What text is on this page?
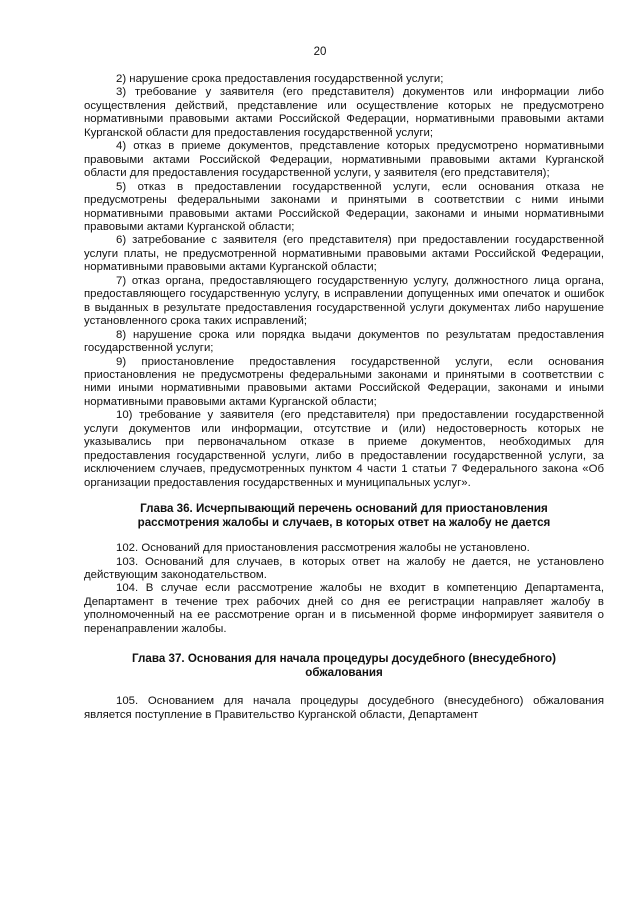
20

2) нарушение срока предоставления государственной услуги;

3) требование у заявителя (его представителя) документов или информации либо осуществления действий, представление или осуществление которых не предусмотрено нормативными правовыми актами Российской Федерации, нормативными правовыми актами Курганской области для предоставления государственной услуги;

4) отказ в приеме документов, представление которых предусмотрено нормативными правовыми актами Российской Федерации, нормативными правовыми актами Курганской области для предоставления государственной услуги, у заявителя (его представителя);

5) отказ в предоставлении государственной услуги, если основания отказа не предусмотрены федеральными законами и принятыми в соответствии с ними иными нормативными правовыми актами Российской Федерации, законами и иными нормативными правовыми актами Курганской области;

6) затребование с заявителя (его представителя) при предоставлении государственной услуги платы, не предусмотренной нормативными правовыми актами Российской Федерации, нормативными правовыми актами Курганской области;

7) отказ органа, предоставляющего государственную услугу, должностного лица органа, предоставляющего государственную услугу, в исправлении допущенных ими опечаток и ошибок в выданных в результате предоставления государственной услуги документах либо нарушение установленного срока таких исправлений;

8) нарушение срока или порядка выдачи документов по результатам предоставления государственной услуги;

9) приостановление предоставления государственной услуги, если основания приостановления не предусмотрены федеральными законами и принятыми в соответствии с ними иными нормативными правовыми актами Российской Федерации, законами и иными нормативными правовыми актами Курганской области;

10) требование у заявителя (его представителя) при предоставлении государственной услуги документов или информации, отсутствие и (или) недостоверность которых не указывались при первоначальном отказе в приеме документов, необходимых для предоставления государственной услуги, либо в предоставлении государственной услуги, за исключением случаев, предусмотренных пунктом 4 части 1 статьи 7 Федерального закона «Об организации предоставления государственных и муниципальных услуг».

Глава 36. Исчерпывающий перечень оснований для приостановления
рассмотрения жалобы и случаев, в которых ответ на жалобу не дается

102. Оснований для приостановления рассмотрения жалобы не установлено.

103. Оснований для случаев, в которых ответ на жалобу не дается, не установлено действующим законодательством.

104. В случае если рассмотрение жалобы не входит в компетенцию Департамента, Департамент в течение трех рабочих дней со дня ее регистрации направляет жалобу в уполномоченный на ее рассмотрение орган и в письменной форме информирует заявителя о перенаправлении жалобы.

Глава 37. Основания для начала процедуры досудебного (внесудебного)
обжалования

105. Основанием для начала процедуры досудебного (внесудебного) обжалования является поступление в Правительство Курганской области, Департамент
